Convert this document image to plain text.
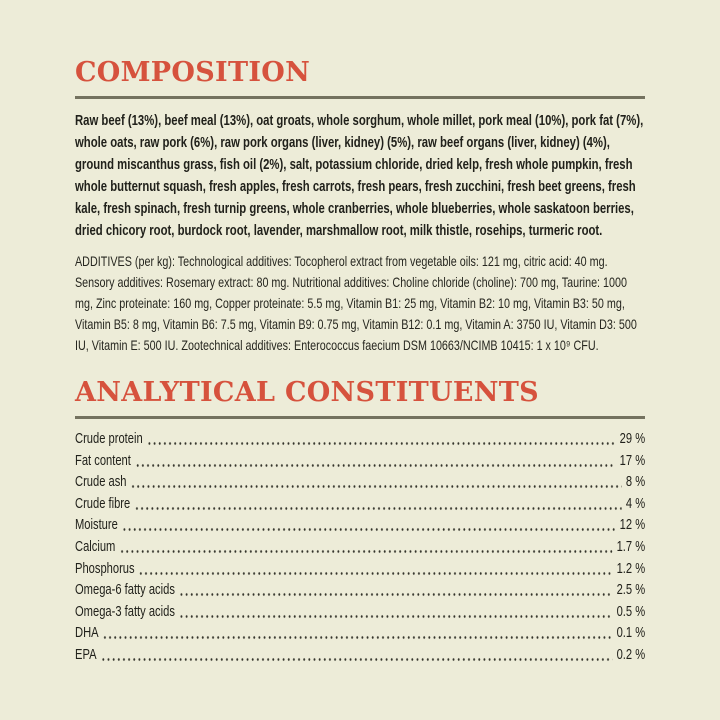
COMPOSITION
Raw beef (13%), beef meal (13%), oat groats, whole sorghum, whole millet, pork meal (10%), pork fat (7%), whole oats, raw pork (6%), raw pork organs (liver, kidney) (5%), raw beef organs (liver, kidney) (4%), ground miscanthus grass, fish oil (2%), salt, potassium chloride, dried kelp, fresh whole pumpkin, fresh whole butternut squash, fresh apples, fresh carrots, fresh pears, fresh zucchini, fresh beet greens, fresh kale, fresh spinach, fresh turnip greens, whole cranberries, whole blueberries, whole saskatoon berries, dried chicory root, burdock root, lavender, marshmallow root, milk thistle, rosehips, turmeric root.
ADDITIVES (per kg): Technological additives: Tocopherol extract from vegetable oils: 121 mg, citric acid: 40 mg. Sensory additives: Rosemary extract: 80 mg. Nutritional additives: Choline chloride (choline): 700 mg, Taurine: 1000 mg, Zinc proteinate: 160 mg, Copper proteinate: 5.5 mg, Vitamin B1: 25 mg, Vitamin B2: 10 mg, Vitamin B3: 50 mg, Vitamin B5: 8 mg, Vitamin B6: 7.5 mg, Vitamin B9: 0.75 mg, Vitamin B12: 0.1 mg, Vitamin A: 3750 IU, Vitamin D3: 500 IU, Vitamin E: 500 IU. Zootechnical additives: Enterococcus faecium DSM 10663/NCIMB 10415: 1 x 10⁹ CFU.
ANALYTICAL CONSTITUENTS
Crude protein	29 %
Fat content	17 %
Crude ash	8 %
Crude fibre	4 %
Moisture	12 %
Calcium	1.7 %
Phosphorus	1.2 %
Omega-6 fatty acids	2.5 %
Omega-3 fatty acids	0.5 %
DHA	0.1 %
EPA	0.2 %
